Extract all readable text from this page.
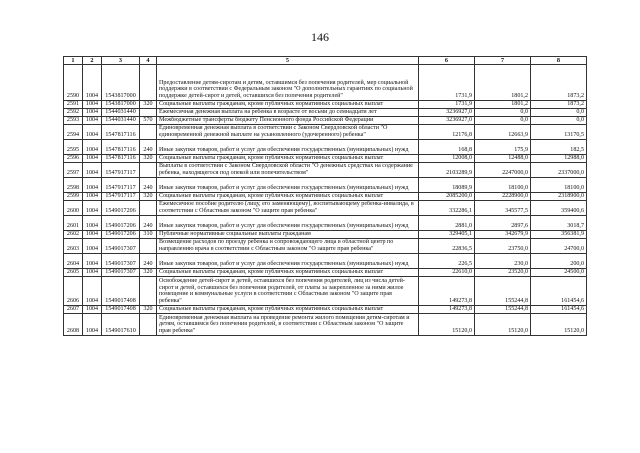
146
1	2	3	4	5	6	7	8
2590	1004	1543817000		Предоставление детям-сиротам и детям, оставшимся без попечения родителей, мер социальной поддержки в соответствии с Федеральным законом "О дополнительных гарантиях по социальной поддержке детей-сирот и детей, оставшихся без попечения родителей"	1731,9	1801,2	1873,2
2591	1004	1543817000	320	Социальные выплаты гражданам, кроме публичных нормативных социальных выплат	1731,9	1801,2	1873,2
2592	1004	1544031440		Ежемесячная денежная выплата на ребенка в возрасте от восьми до семнадцати лет	3236927,0	0,0	0,0
2593	1004	1544031440	570	Межбюджетные трансферты бюджету Пенсионного фонда Российской Федерации	3236927,0	0,0	0,0
2594	1004	1547817116		Единовременная денежная выплата в соответствии с Законом Свердловской области "О единовременной денежной выплате на усыновленного (удочеренного) ребенка"	12176,8	12663,9	13170,5
2595	1004	1547817116	240	Иные закупки товаров, работ и услуг для обеспечения государственных (муниципальных) нужд	168,8	175,9	182,5
2596	1004	1547817116	320	Социальные выплаты гражданам, кроме публичных нормативных социальных выплат	12008,0	12488,0	12988,0
2597	1004	1547917117		Выплаты в соответствии с Законом Свердловской области "О денежных средствах на содержание ребенка, находящегося под опекой или попечительством"	2103289,9	2247000,0	2337000,0
2598	1004	1547917117	240	Иные закупки товаров, работ и услуг для обеспечения государственных (муниципальных) нужд	18089,9	18100,0	18100,0
2599	1004	1547917117	320	Социальные выплаты гражданам, кроме публичных нормативных социальных выплат	2085200,0	2228900,0	2318900,0
2600	1004	1549017206		Ежемесячное пособие родителю (лицу, его заменяющему), воспитывающему ребенка-инвалида, в соответствии с Областным законом "О защите прав ребенка"	332286,1	345577,5	359400,6
2601	1004	1549017206	240	Иные закупки товаров, работ и услуг для обеспечения государственных (муниципальных) нужд	2881,0	2897,6	3018,7
2602	1004	1549017206	310	Публичные нормативные социальные выплаты гражданам	329405,1	342679,9	356381,9
2603	1004	1549017307		Возмещение расходов по проезду ребенка и сопровождающего лица в областной центр по направлению врача в соответствии с Областным законом "О защите прав ребенка"	22836,5	23750,0	24700,0
2604	1004	1549017307	240	Иные закупки товаров, работ и услуг для обеспечения государственных (муниципальных) нужд	226,5	230,0	200,0
2605	1004	1549017307	320	Социальные выплаты гражданам, кроме публичных нормативных социальных выплат	22610,0	23520,0	24500,0
2606	1004	1549017408		Освобождение детей-сирот и детей, оставшихся без попечения родителей, лиц из числа детей-сирот и детей, оставшихся без попечения родителей, от платы за закрепленное за ними жилое помещение и коммунальные услуги в соответствии с Областным законом "О защите прав ребенка"	149273,8	155244,8	161454,6
2607	1004	1549017408	320	Социальные выплаты гражданам, кроме публичных нормативных социальных выплат	149273,8	155244,8	161454,6
2608	1004	1549017610		Единовременная денежная выплата на проведение ремонта жилого помещения детям-сиротам и детям, оставшимся без попечения родителей, в соответствии с Областным законом "О защите прав ребенка"	15120,0	15120,0	15120,0
